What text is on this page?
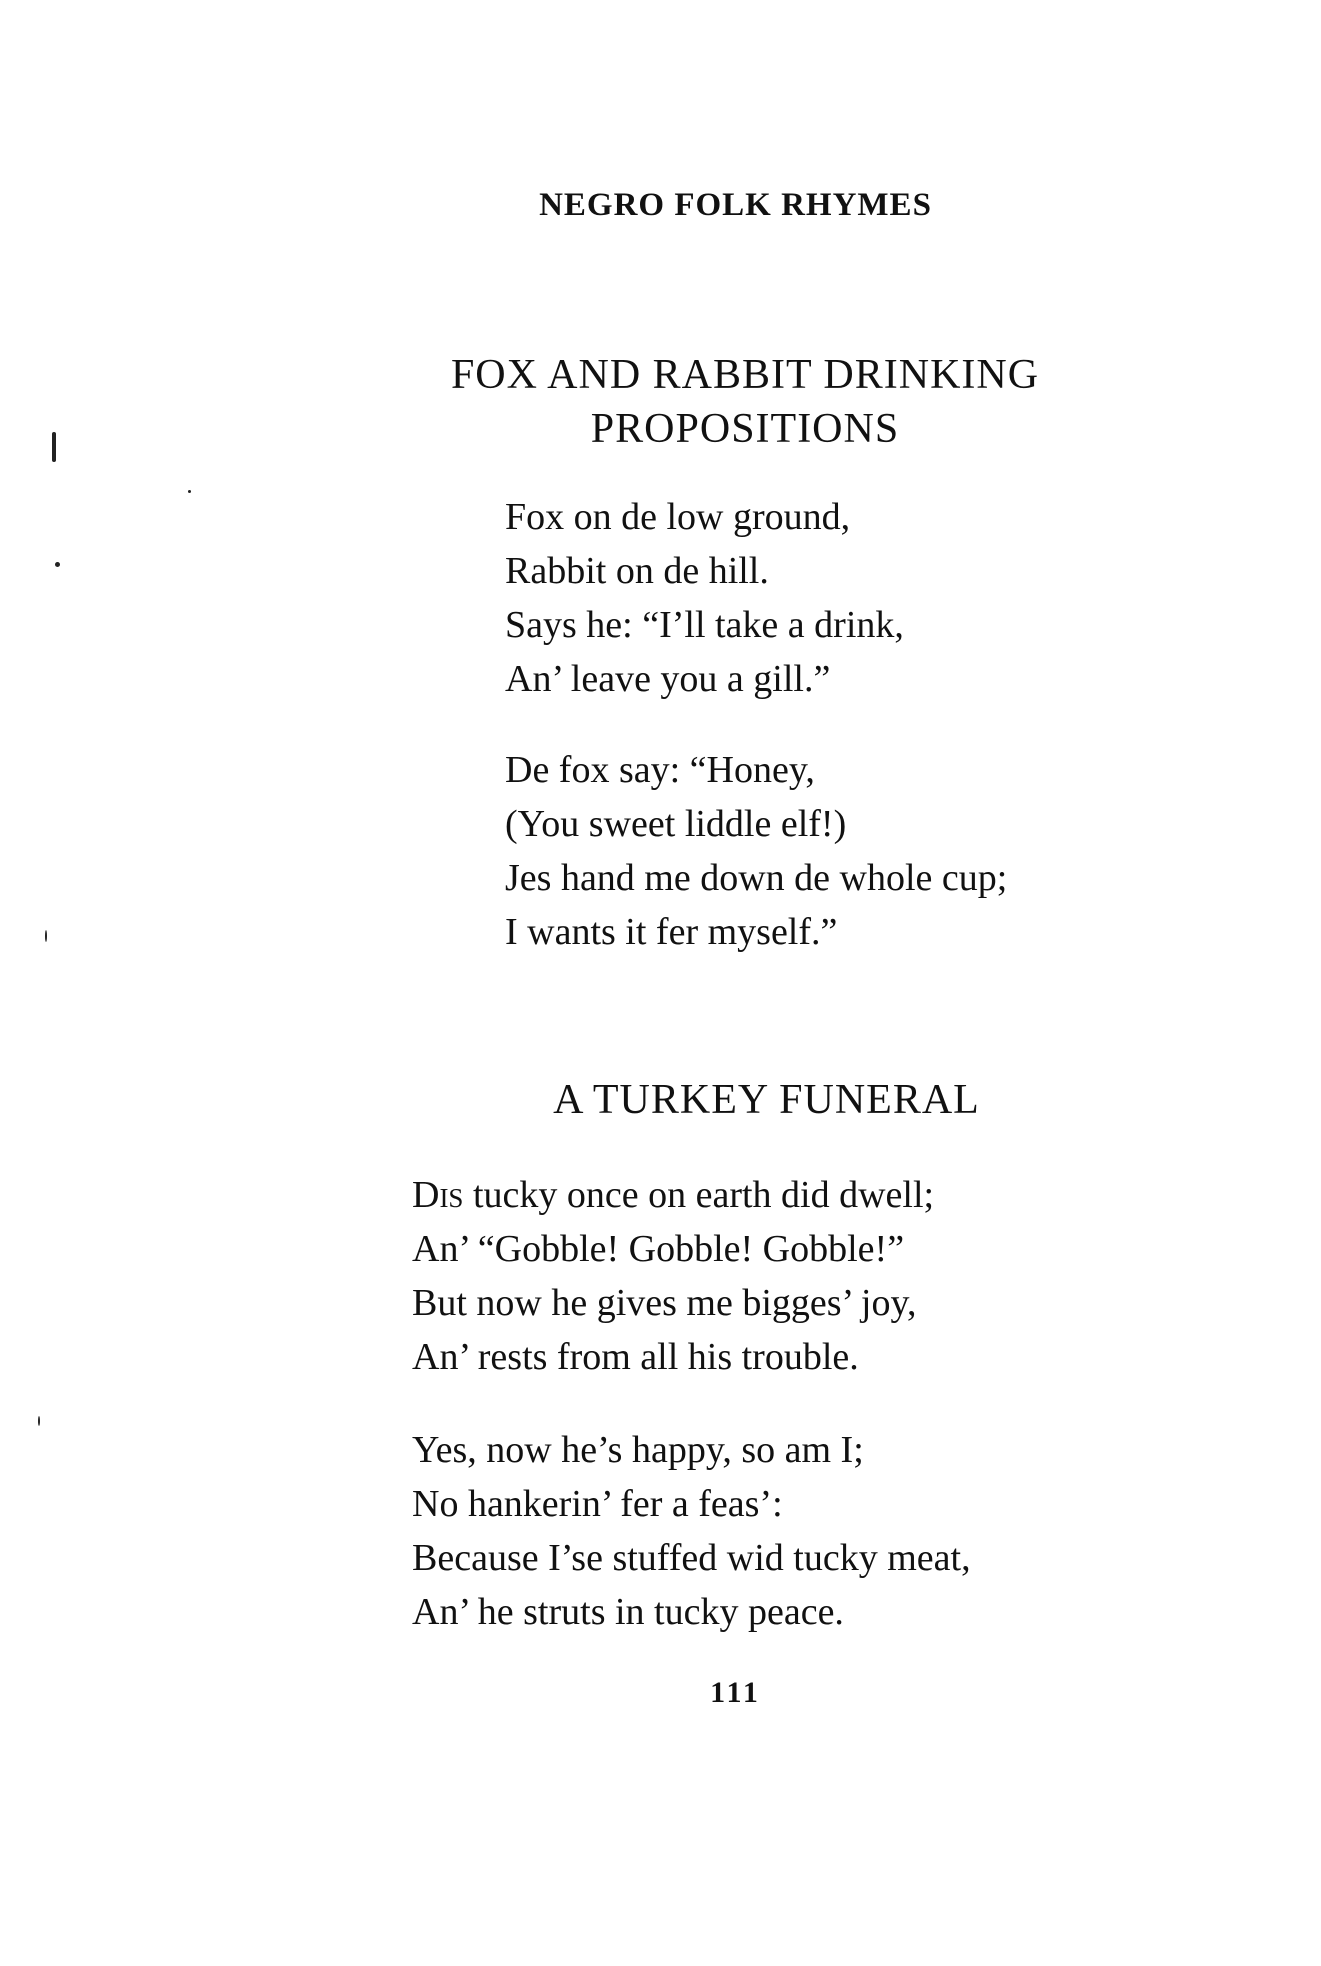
NEGRO FOLK RHYMES
FOX AND RABBIT DRINKING
PROPOSITIONS
Fox on de low ground,
Rabbit on de hill.
Says he: “I’ll take a drink,
An’ leave you a gill.”
De fox say: “Honey,
(You sweet liddle elf!)
Jes hand me down de whole cup;
I wants it fer myself.”
A TURKEY FUNERAL
Dis tucky once on earth did dwell;
An’ “Gobble! Gobble! Gobble!”
But now he gives me bigges’ joy,
An’ rests from all his trouble.
Yes, now he’s happy, so am I;
No hankerin’ fer a feas’:
Because I’se stuffed wid tucky meat,
An’ he struts in tucky peace.
111
